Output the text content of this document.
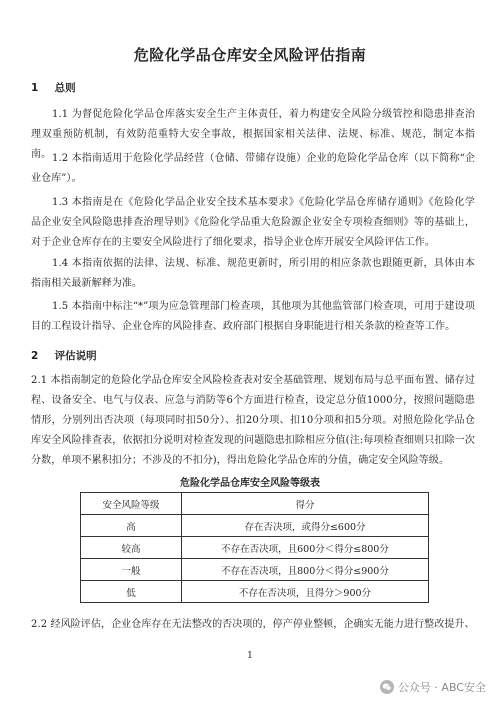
危险化学品仓库安全风险评估指南
1 总则
1.1 为督促危险化学品仓库落实安全生产主体责任，着力构建安全风险分级管控和隐患排查治理双重预防机制，有效防范重特大安全事故，根据国家相关法律、法规、标准、规范，制定本指南。 1.2 本指南适用于危险化学品经营（仓储、带储存设施）企业的危险化学品仓库（以下简称“企业仓库”）。
1.3 本指南是在《危险化学品企业安全技术基本要求》《危险化学品仓库储存通则》《危险化学品企业安全风险隐患排查治理导则》《危险化学品重大危险源企业安全专项检查细则》等的基础上，对于企业仓库存在的主要安全风险进行了细化要求，指导企业仓库开展安全风险评估工作。
1.4 本指南依据的法律、法规、标准、规范更新时，所引用的相应条款也跟随更新，具体由本指南相关最新解释为准。
1.5 本指南中标注“*”项为应急管理部门检查项，其他项为其他监管部门检查项，可用于建设项目的工程设计指导、企业仓库的风险排查、政府部门根据自身职能进行相关条款的检查等工作。
2 评估说明
2.1 本指南制定的危险化学品仓库安全风险检查表对安全基础管理、规划布局与总平面布置、储存过程、设备安全、电气与仪表、应急与消防等6个方面进行检查，设定总分值1000分，按照问题隐患情形，分别列出否决项（每项同时扣50分）、扣20分项、扣10分项和扣5分项。对照危险化学品仓库安全风险排查表，依据扣分说明对检查发现的问题隐患扣除相应分值(注:每项检查细则只扣除一次分数，单项不累积扣分；不涉及的不扣分)，得出危险化学品仓库的分值，确定安全风险等级。
危险化学品仓库安全风险等级表
安全风险等级	得分
高	存在否决项，或得分≤600分
较高	不存在否决项，且600分＜得分≤800分
一般	不存在否决项，且800分＜得分≤900分
低	不存在否决项，且得分＞900分
2.2 经风险评估，企业仓库存在无法整改的否决项的，停产停业整顿，企确实无能力进行整改提升、
1
公众号 · ABC安全
